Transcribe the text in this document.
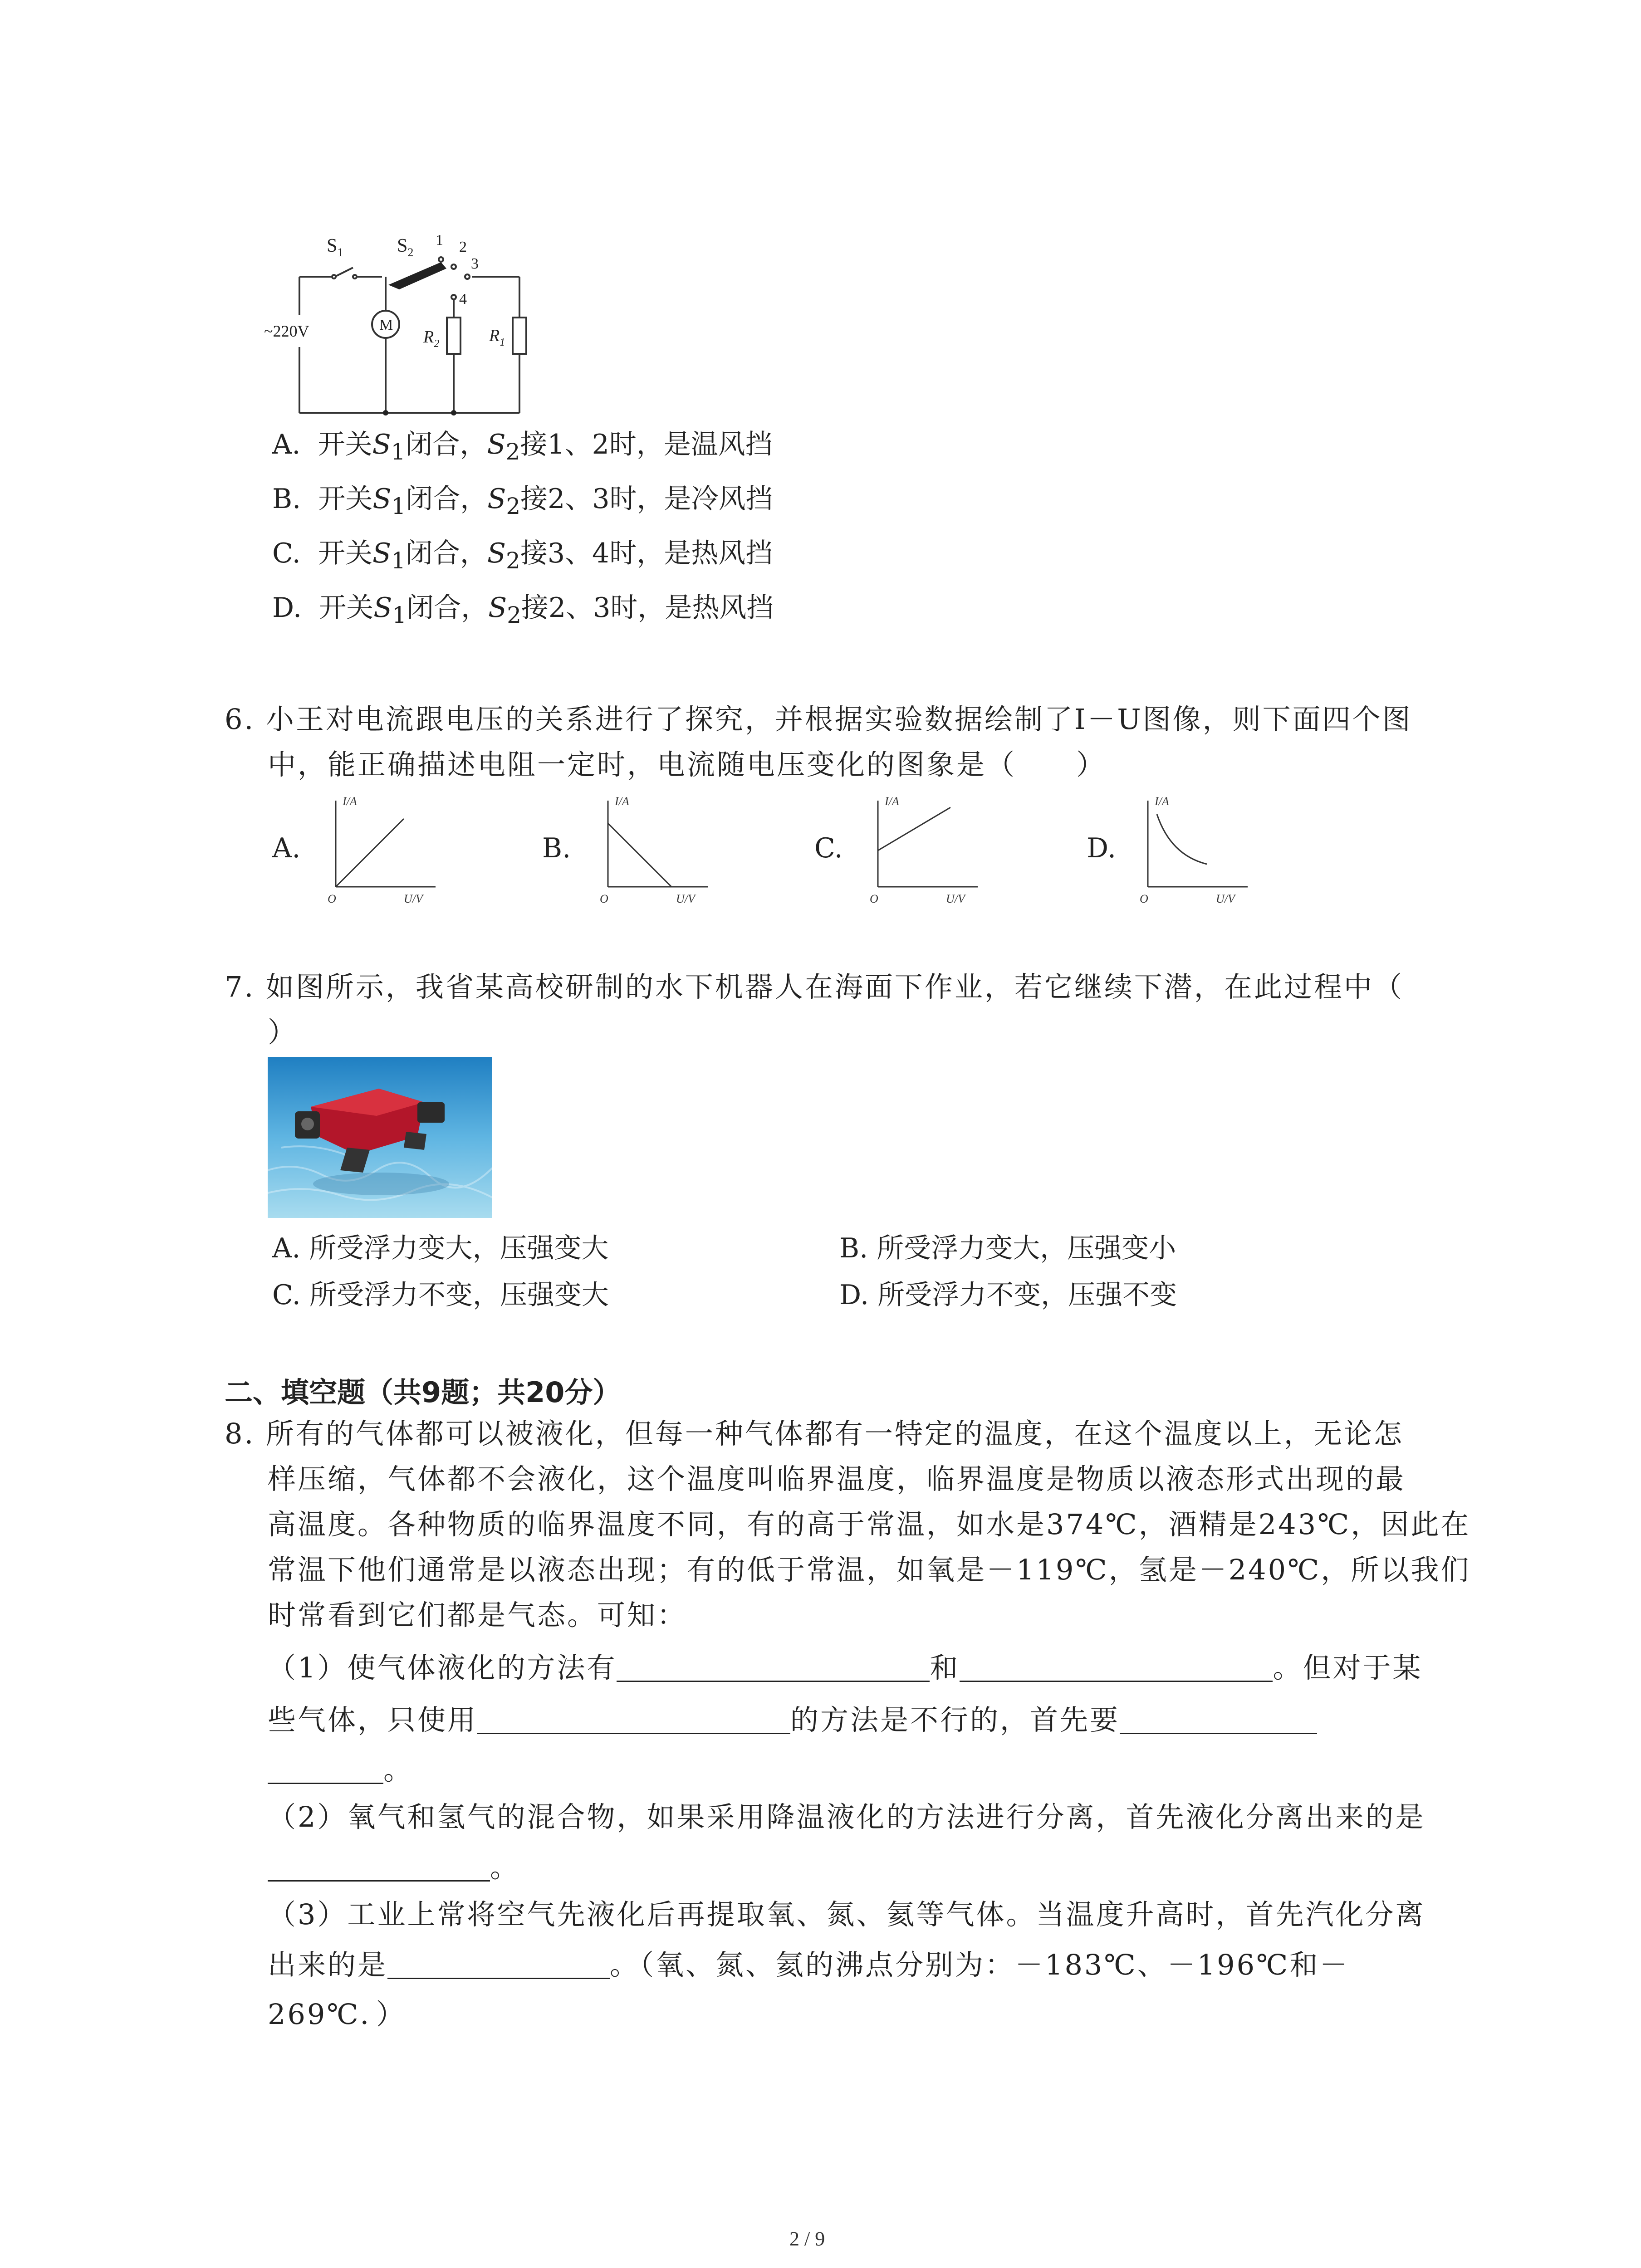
$S_1$	$S_2$
1 2
3
4
~220V	M
$R_2$	$R_1$
A. 开关$S_1$闭合，$S_2$接1、2时，是温风挡
B. 开关$S_1$闭合，$S_2$接2、3时，是冷风挡
C. 开关$S_1$闭合，$S_2$接3、4时，是热风挡
D. 开关$S_1$闭合，$S_2$接2、3时，是热风挡
6. 小王对电流跟电压的关系进行了探究，并根据实验数据绘制了I－U图像，则下面四个图
中，能正确描述电阻一定时，电流随电压变化的图象是（　　）
A.
I/A
U/V
O
B.
I/A
U/V
O
C.
I/A
U/V
O
D.
I/A
U/V
O
7. 如图所示，我省某高校研制的水下机器人在海面下作业，若它继续下潜，在此过程中（
）
A. 所受浮力变大，压强变大	B. 所受浮力变大，压强变小
C. 所受浮力不变，压强变大	D. 所受浮力不变，压强不变
二、填空题（共9题；共20分）
8. 所有的气体都可以被液化，但每一种气体都有一特定的温度，在这个温度以上，无论怎
样压缩，气体都不会液化，这个温度叫临界温度，临界温度是物质以液态形式出现的最
高温度。各种物质的临界温度不同，有的高于常温，如水是374℃，酒精是243℃，因此在
常温下他们通常是以液态出现；有的低于常温，如氧是－119℃，氢是－240℃，所以我们
时常看到它们都是气态。可知：
（1）使气体液化的方法有	和	。但对于某
些气体，只使用	的方法是不行的，首先要
。
（2）氧气和氢气的混合物，如果采用降温液化的方法进行分离，首先液化分离出来的是
。
（3）工业上常将空气先液化后再提取氧、氮、氦等气体。当温度升高时，首先汽化分离
出来的是	。（氧、氮、氦的沸点分别为：－183℃、－196℃和－
269℃．）
2 / 9
